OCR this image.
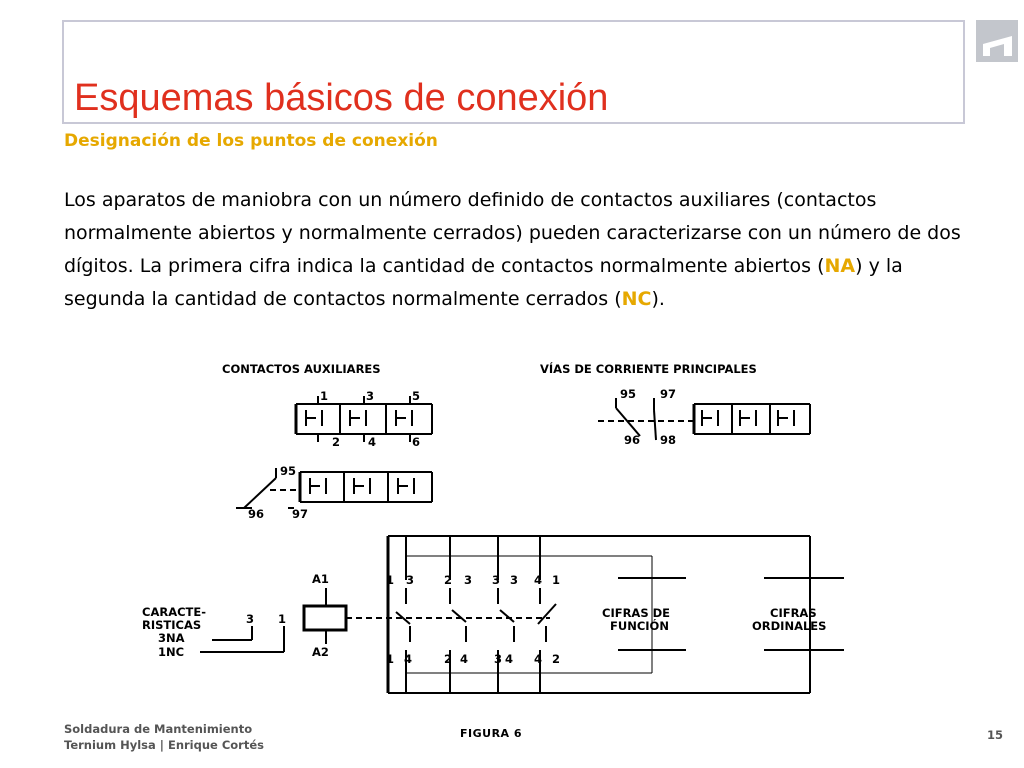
Esquemas básicos de conexión
Designación de los puntos de conexión

Los aparatos de maniobra con un número definido de contactos auxiliares (contactos normalmente abiertos y normalmente cerrados) pueden caracterizarse con un número de dos dígitos. La primera cifra indica la cantidad de contactos normalmente abiertos (NA) y la segunda la cantidad de contactos normalmente cerrados (NC).

CONTACTOS AUXILIARES	VÍAS DE CORRIENTE PRINCIPALES
1	3	5
2 4	6
95 97
96 98
95
96 97
A1
A2
CARACTE-
RISTICAS
3NA
1NC
3 1
1 3	2 3 3 3 4 1
1 4	2 4 3 4 4 2
CIFRAS DE
FUNCIÓN
CIFRAS
ORDINALES
Soldadura de Mantenimiento
Ternium Hylsa | Enrique Cortés
FIGURA 6	15
